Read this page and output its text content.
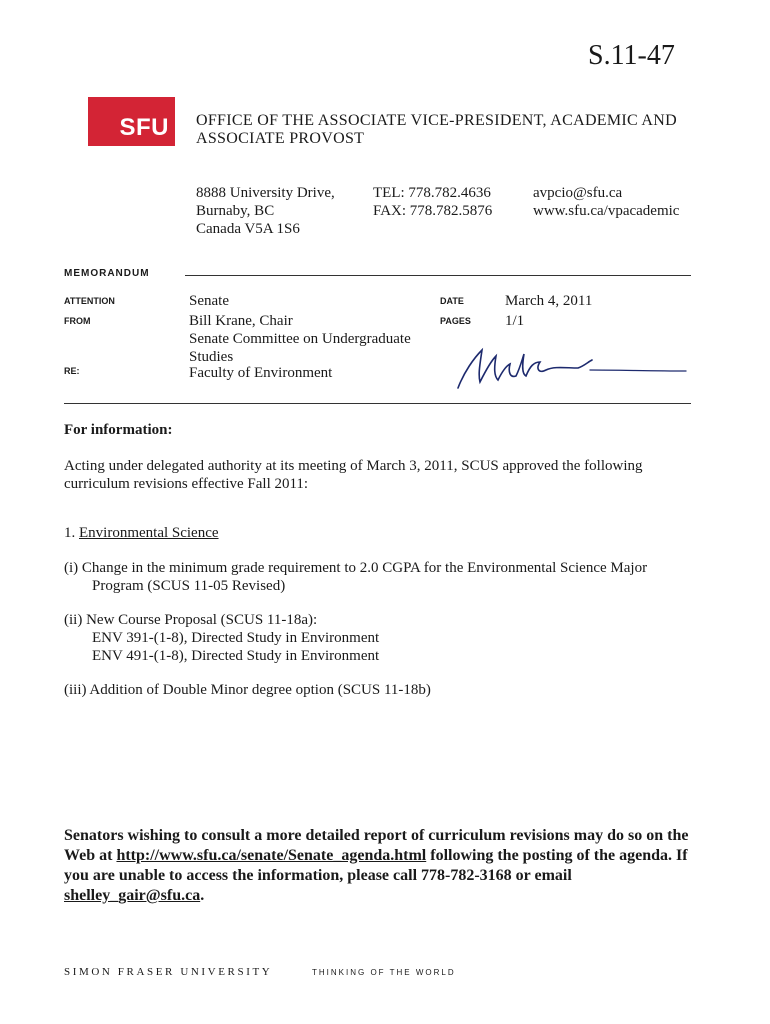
S.11-47
SFU OFFICE OF THE ASSOCIATE VICE-PRESIDENT, ACADEMIC AND ASSOCIATE PROVOST
8888 University Drive,
Burnaby, BC
Canada V5A 1S6
TEL: 778.782.4636
FAX: 778.782.5876
avpcio@sfu.ca
www.sfu.ca/vpacademic
MEMORANDUM
ATTENTION	Senate
FROM	Bill Krane, Chair
Senate Committee on Undergraduate Studies
RE:	Faculty of Environment
DATE	March 4, 2011
PAGES 1/1
For information:
Acting under delegated authority at its meeting of March 3, 2011, SCUS approved the following curriculum revisions effective Fall 2011:
1. Environmental Science
(i) Change in the minimum grade requirement to 2.0 CGPA for the Environmental Science Major
Program (SCUS 11-05 Revised)
(ii) New Course Proposal (SCUS 11-18a):
ENV 391-(1-8), Directed Study in Environment
ENV 491-(1-8), Directed Study in Environment
(iii) Addition of Double Minor degree option (SCUS 11-18b)
Senators wishing to consult a more detailed report of curriculum revisions may do so on the Web at http://www.sfu.ca/senate/Senate_agenda.html following the posting of the agenda. If you are unable to access the information, please call 778-782-3168 or email shelley_gair@sfu.ca.
SIMON FRASER UNIVERSITY	THINKING OF THE WORLD
